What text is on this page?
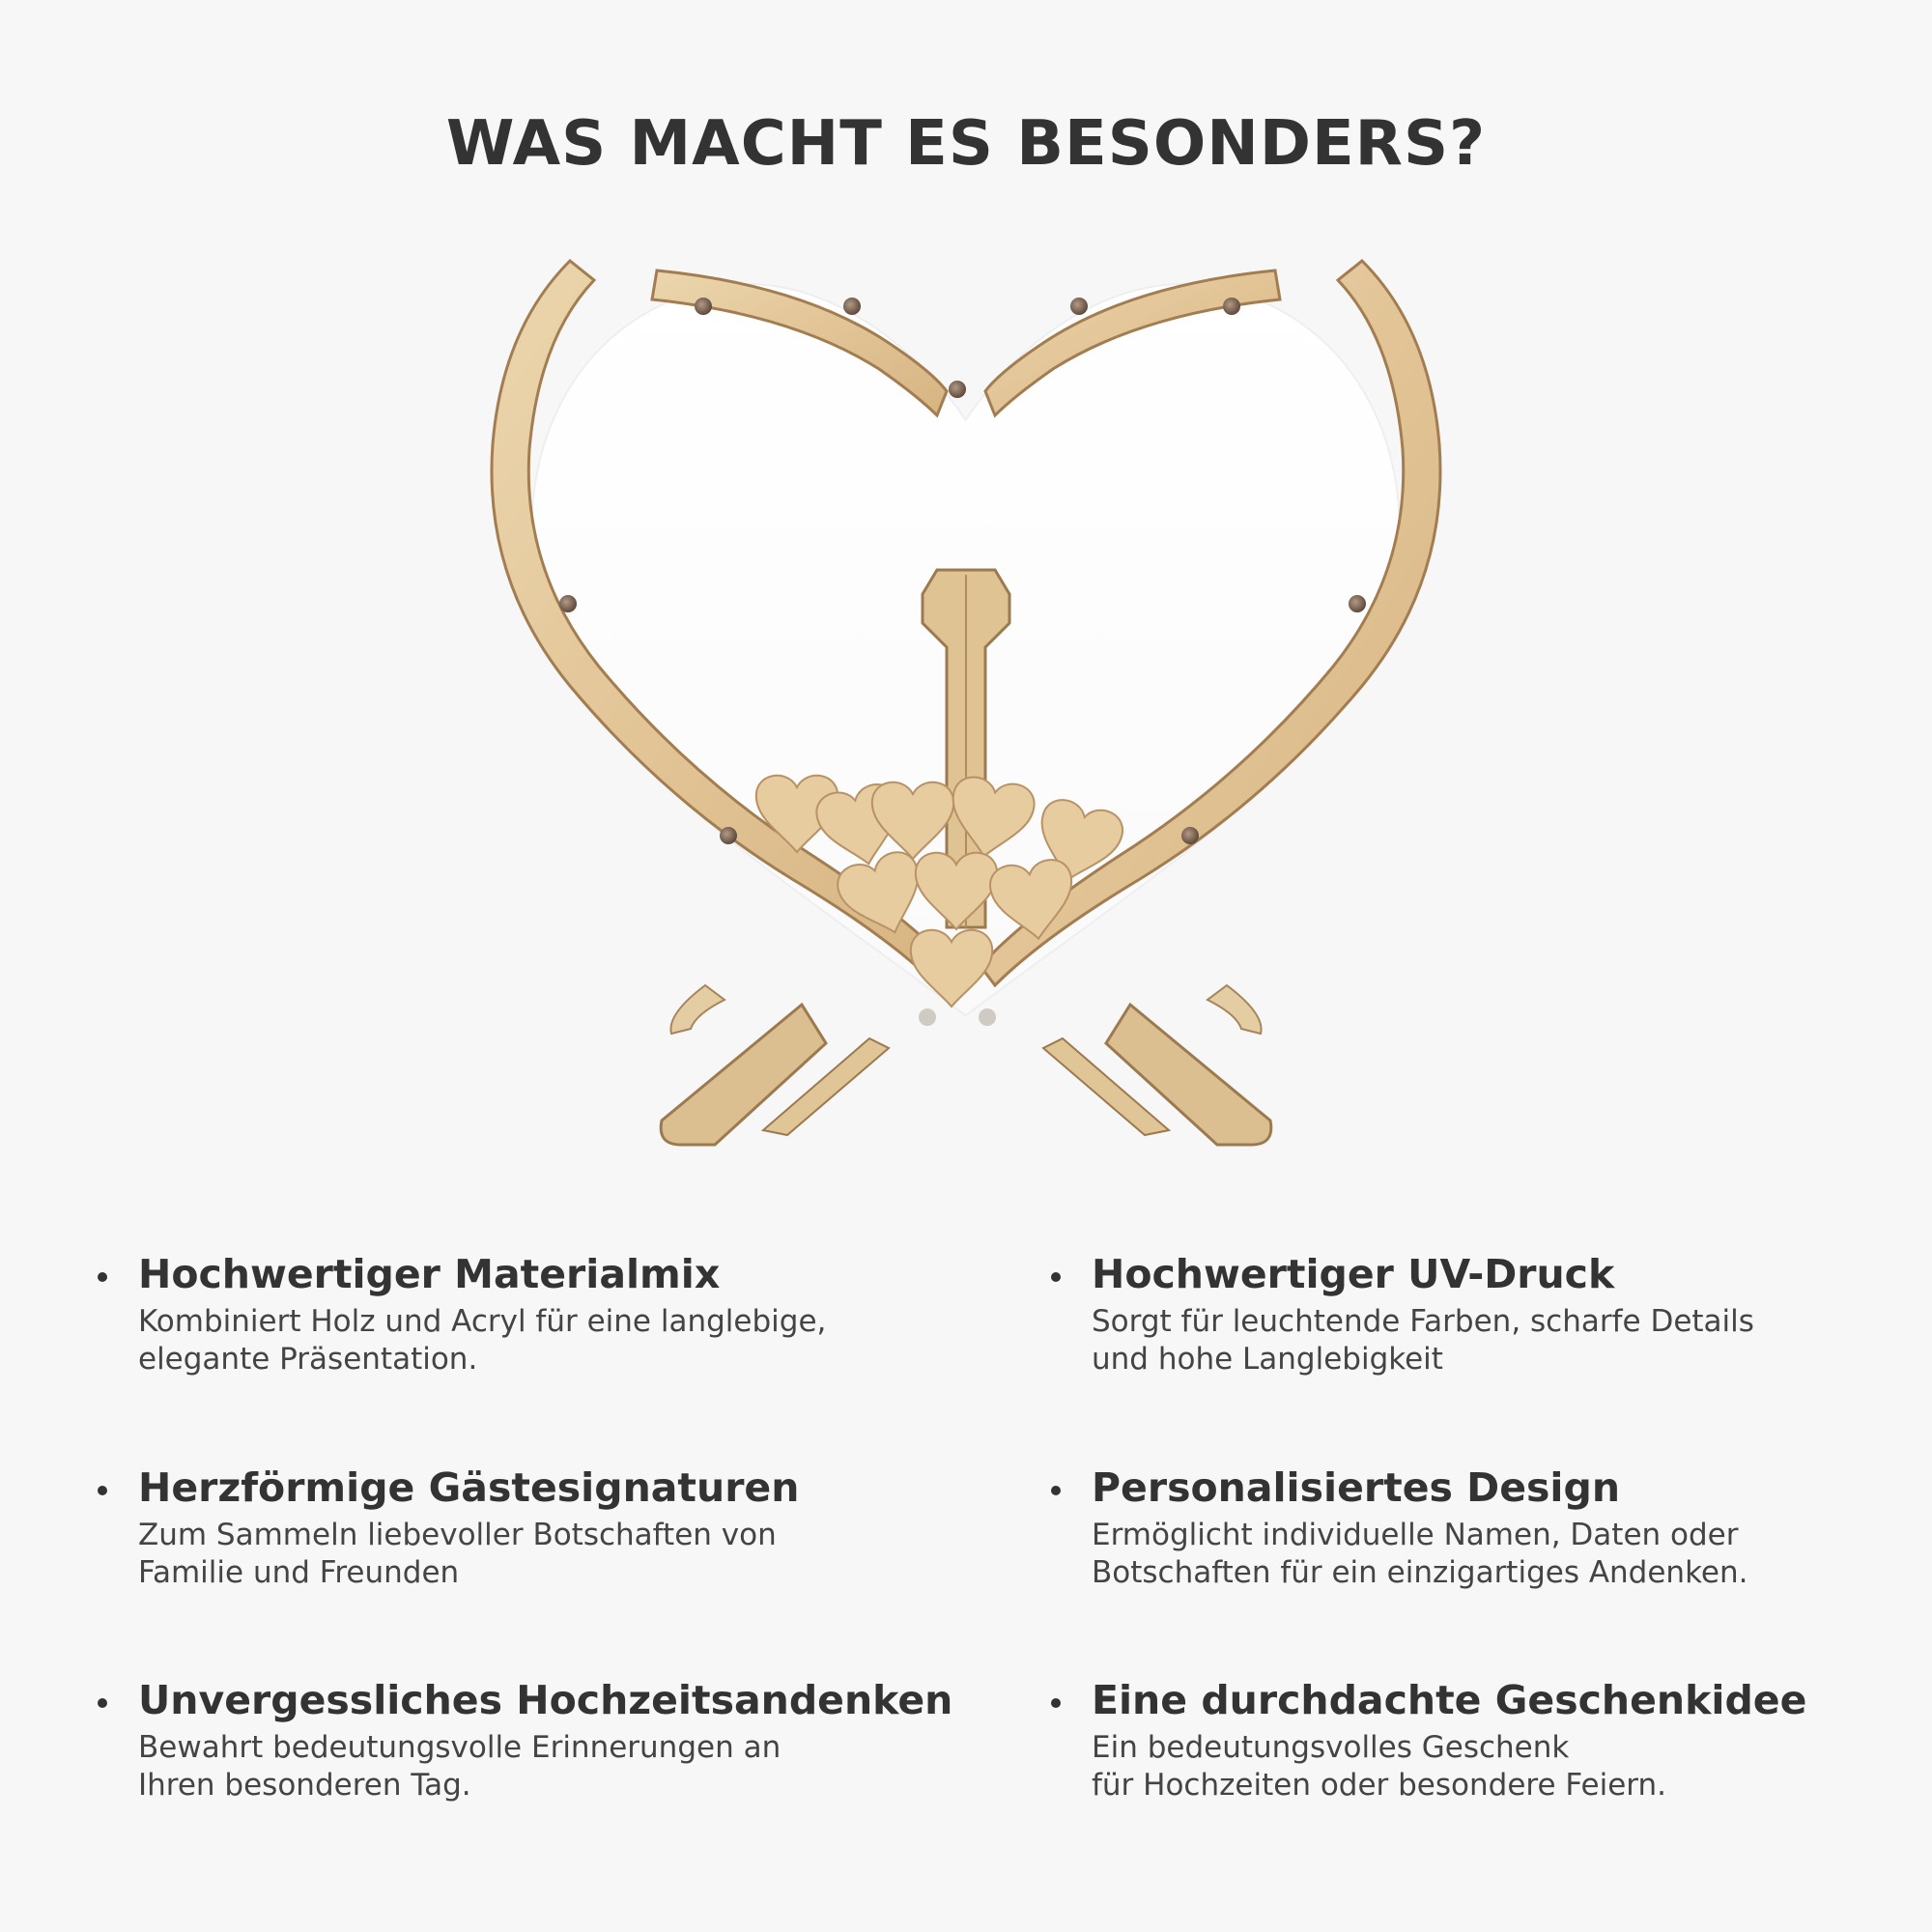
WAS MACHT ES BESONDERS?

Hochwertiger Materialmix

Kombiniert Holz und Acryl für eine langlebige,
elegante Präsentation.

Hochwertiger UV-Druck

Sorgt für leuchtende Farben, scharfe Details
und hohe Langlebigkeit

Herzförmige Gästesignaturen

Zum Sammeln liebevoller Botschaften von
Familie und Freunden

Personalisiertes Design

Ermöglicht individuelle Namen, Daten oder
Botschaften für ein einzigartiges Andenken.

Unvergessliches Hochzeitsandenken

Bewahrt bedeutungsvolle Erinnerungen an
Ihren besonderen Tag.

Eine durchdachte Geschenkidee

Ein bedeutungsvolles Geschenk
für Hochzeiten oder besondere Feiern.
